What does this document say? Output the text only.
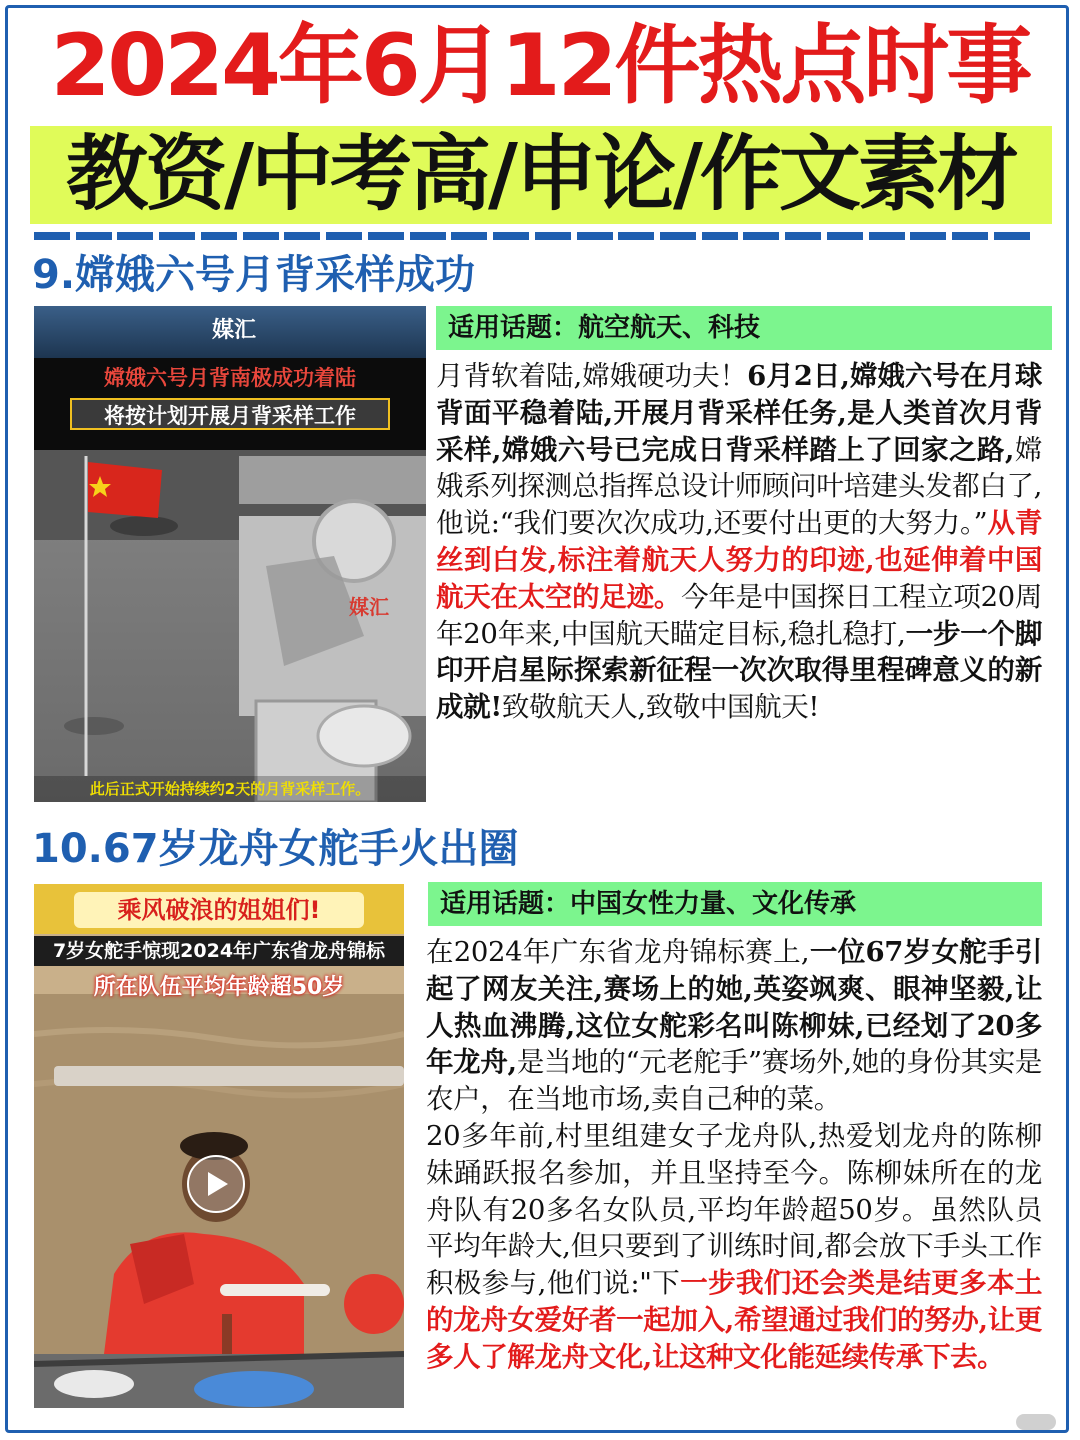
2024年6月12件热点时事
教资/中考高/申论/作文素材
9.嫦娥六号月背采样成功
媒汇
嫦娥六号月背南极成功着陆
将按计划开展月背采样工作
媒汇
此后正式开始持续约2天的月背采样工作。
适用话题：航空航天、科技
月背软着陆,嫦娥硬功夫！6月2日,嫦娥六号在月球背面平稳着陆,开展月背采样任务,是人类首次月背采样,嫦娥六号已完成日背采样踏上了回家之路,嫦娥系列探测总指挥总设计师顾问叶培建头发都白了,他说:“我们要次次成功,还要付出更的大努力。”从青丝到白发,标注着航天人努力的印迹,也延伸着中国航天在太空的足迹。今年是中国探日工程立项20周年20年来,中国航天瞄定目标,稳扎稳打,一步一个脚印开启星际探索新征程一次次取得里程碑意义的新成就!致敬航天人,致敬中国航天!
10.67岁龙舟女舵手火出圈
乘风破浪的姐姐们!
7岁女舵手惊现2024年广东省龙舟锦标
所在队伍平均年龄超50岁
适用话题：中国女性力量、文化传承
在2024年广东省龙舟锦标赛上,一位67岁女舵手引起了网友关注,赛场上的她,英姿飒爽、眼神坚毅,让人热血沸腾,这位女舵彩名叫陈柳妹,已经划了20多年龙舟,是当地的“元老舵手”赛场外,她的身份其实是农户，在当地市场,卖自己种的菜。
20多年前,村里组建女子龙舟队,热爱划龙舟的陈柳妹踊跃报名参加，并且坚持至今。陈柳妹所在的龙舟队有20多名女队员,平均年龄超50岁。虽然队员平均年龄大,但只要到了训练时间,都会放下手头工作积极参与,他们说:"下一步我们还会类是结更多本土的龙舟女爱好者一起加入,希望通过我们的努办,让更多人了解龙舟文化,让这种文化能延续传承下去。
